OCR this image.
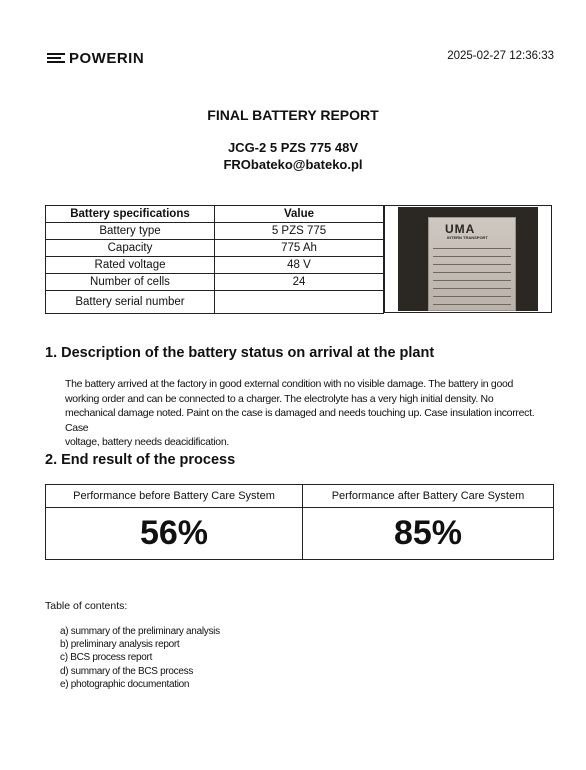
POWERIN	2025-02-27 12:36:33
FINAL BATTERY REPORT
JCG-2 5 PZS 775 48V
FRObateko@bateko.pl
Battery specifications	Value
Battery type	5 PZS 775
Capacity	775 Ah
Rated voltage	48 V
Number of cells	24
Battery serial number	
UMA
INTERN TRANSPORT
1. Description of the battery status on arrival at the plant
The battery arrived at the factory in good external condition with no visible damage. The battery in good
working order and can be connected to a charger. The electrolyte has a very high initial density. No
mechanical damage noted. Paint on the case is damaged and needs touching up. Case insulation incorrect. Case
voltage, battery needs deacidification.
2. End result of the process
Performance before Battery Care System	Performance after Battery Care System
56%	85%
Table of contents:
a) summary of the preliminary analysis
b) preliminary analysis report
c) BCS process report
d) summary of the BCS process
e) photographic documentation
